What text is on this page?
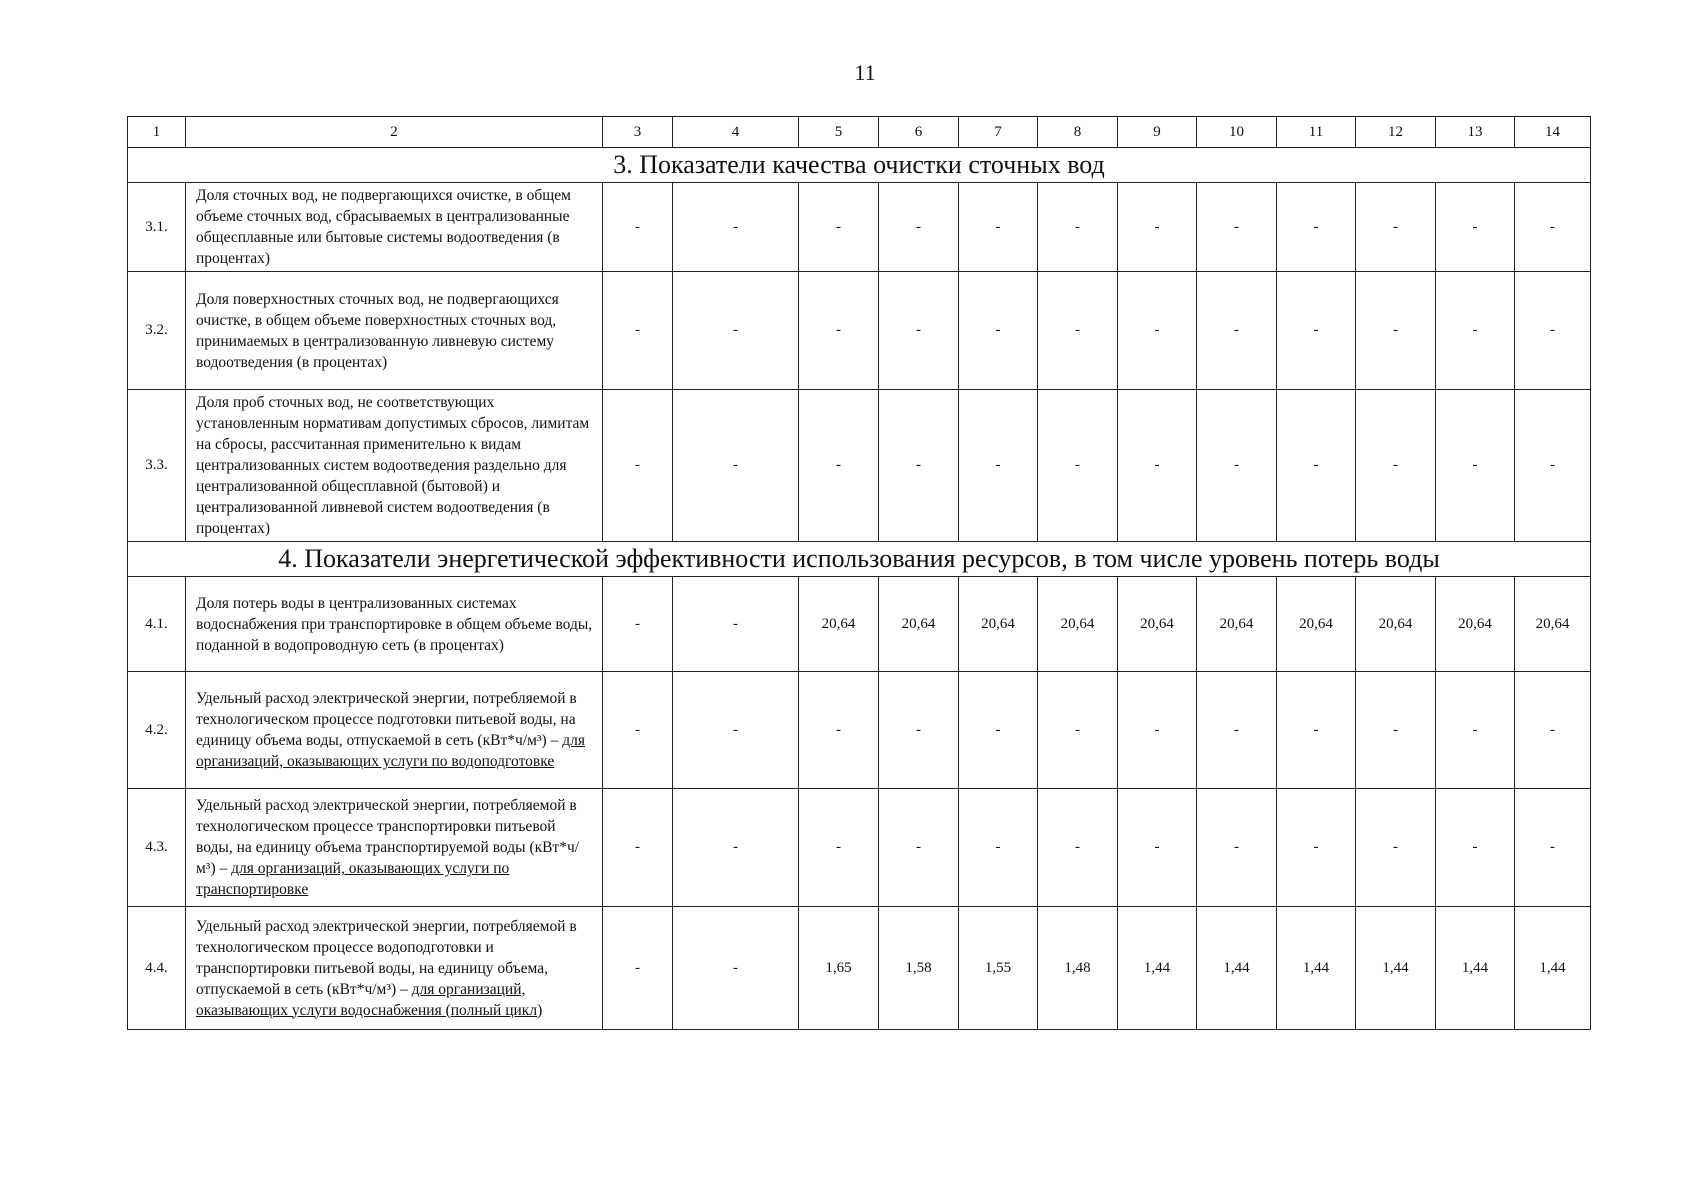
11
1	2	3	4	5	6	7	8	9	10	11	12	13	14
3. Показатели качества очистки сточных вод													
3.1.	Доля сточных вод, не подвергающихся очистке, в общем объеме сточных вод, сбрасываемых в централизованные общесплавные или бытовые системы водоотведения (в процентах)	-	-	-	-	-	-	-	-	-	-	-	-
3.2.	Доля поверхностных сточных вод, не подвергающихся очистке, в общем объеме поверхностных сточных вод, принимаемых в централизованную ливневую систему водоотведения (в процентах)	-	-	-	-	-	-	-	-	-	-	-	-
3.3.	Доля проб сточных вод, не соответствующих установленным нормативам допустимых сбросов, лимитам на сбросы, рассчитанная применительно к видам централизованных систем водоотведения раздельно для централизованной общесплавной (бытовой) и централизованной ливневой систем водоотведения (в процентах)	-	-	-	-	-	-	-	-	-	-	-	-
4. Показатели энергетической эффективности использования ресурсов, в том числе уровень потерь воды													
4.1.	Доля потерь воды в централизованных системах водоснабжения при транспортировке в общем объеме воды, поданной в водопроводную сеть (в процентах)	-	-	20,64	20,64	20,64	20,64	20,64	20,64	20,64	20,64	20,64	20,64
4.2.	Удельный расход электрической энергии, потребляемой в технологическом процессе подготовки питьевой воды, на единицу объема воды, отпускаемой в сеть (кВт*ч/м³) – для организаций, оказывающих услуги по водоподготовке	-	-	-	-	-	-	-	-	-	-	-	-
4.3.	Удельный расход электрической энергии, потребляемой в технологическом процессе транспортировки питьевой воды, на единицу объема транспортируемой воды (кВт*ч/м³) – для организаций, оказывающих услуги по транспортировке	-	-	-	-	-	-	-	-	-	-	-	-
4.4.	Удельный расход электрической энергии, потребляемой в технологическом процессе водоподготовки и транспортировки питьевой воды, на единицу объема, отпускаемой в сеть (кВт*ч/м³) – для организаций, оказывающих услуги водоснабжения (полный цикл)	-	-	1,65	1,58	1,55	1,48	1,44	1,44	1,44	1,44	1,44	1,44
